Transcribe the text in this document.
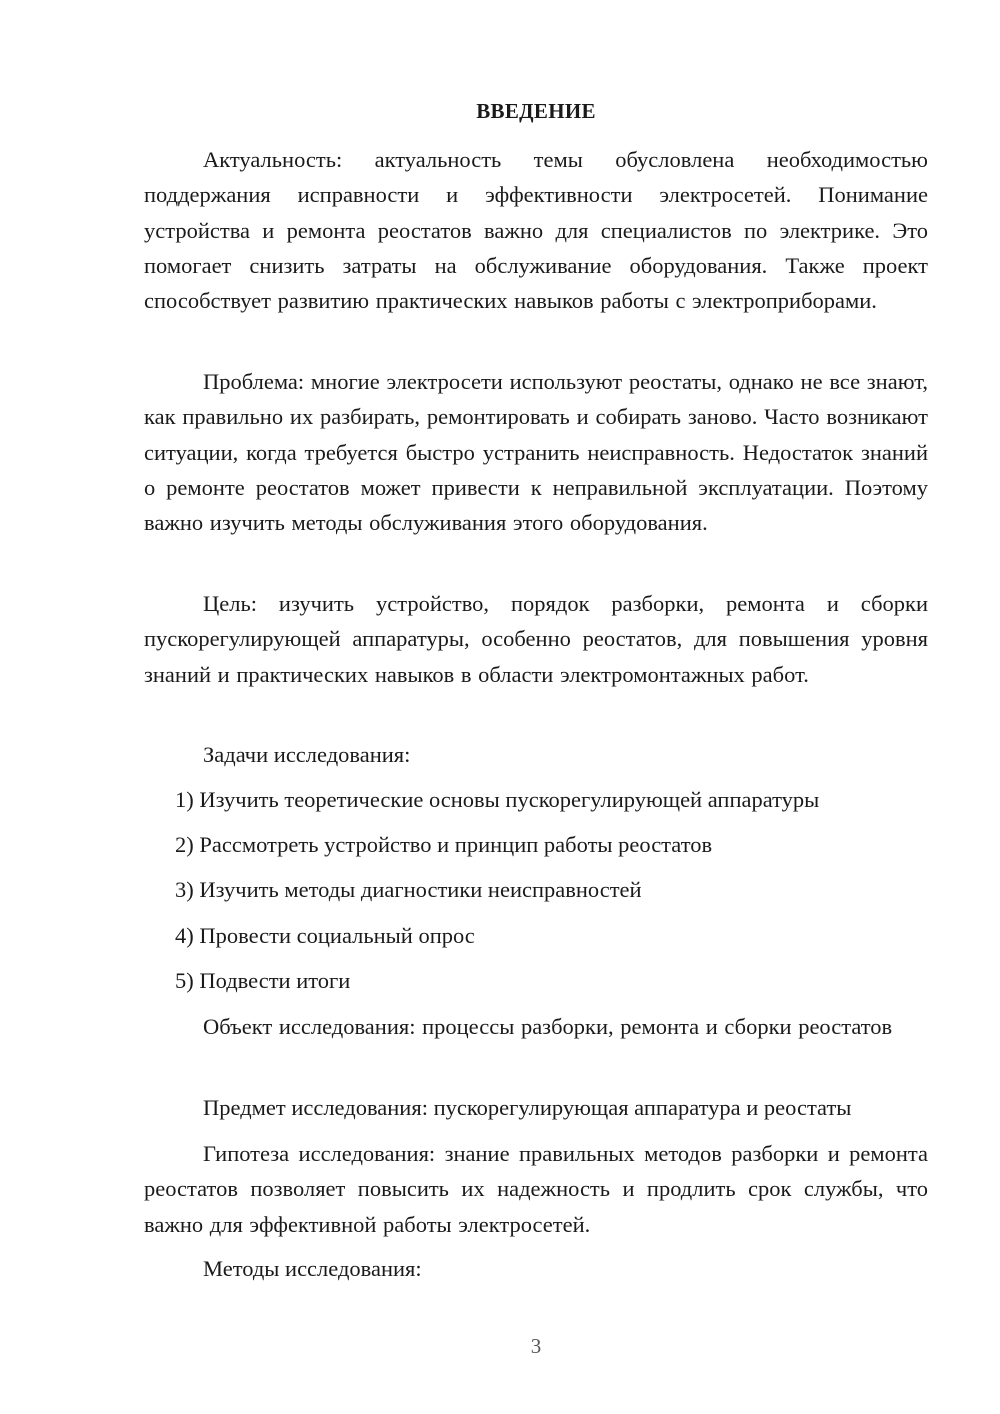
ВВЕДЕНИЕ

Актуальность: актуальность темы обусловлена необходимостью поддержания исправности и эффективности электросетей. Понимание устройства и ремонта реостатов важно для специалистов по электрике. Это помогает снизить затраты на обслуживание оборудования. Также проект способствует развитию практических навыков работы с электроприборами.

Проблема: многие электросети используют реостаты, однако не все знают, как правильно их разбирать, ремонтировать и собирать заново. Часто возникают ситуации, когда требуется быстро устранить неисправность. Недостаток знаний о ремонте реостатов может привести к неправильной эксплуатации. Поэтому важно изучить методы обслуживания этого оборудования.

Цель: изучить устройство, порядок разборки, ремонта и сборки пускорегулирующей аппаратуры, особенно реостатов, для повышения уровня знаний и практических навыков в области электромонтажных работ.

Задачи исследования:

1) Изучить теоретические основы пускорегулирующей аппаратуры

2) Рассмотреть устройство и принцип работы реостатов

3) Изучить методы диагностики неисправностей

4) Провести социальный опрос

5) Подвести итоги

Объект исследования: процессы разборки, ремонта и сборки реостатов

Предмет исследования: пускорегулирующая аппаратура и реостаты

Гипотеза исследования: знание правильных методов разборки и ремонта реостатов позволяет повысить их надежность и продлить срок службы, что важно для эффективной работы электросетей.

Методы исследования:

3
